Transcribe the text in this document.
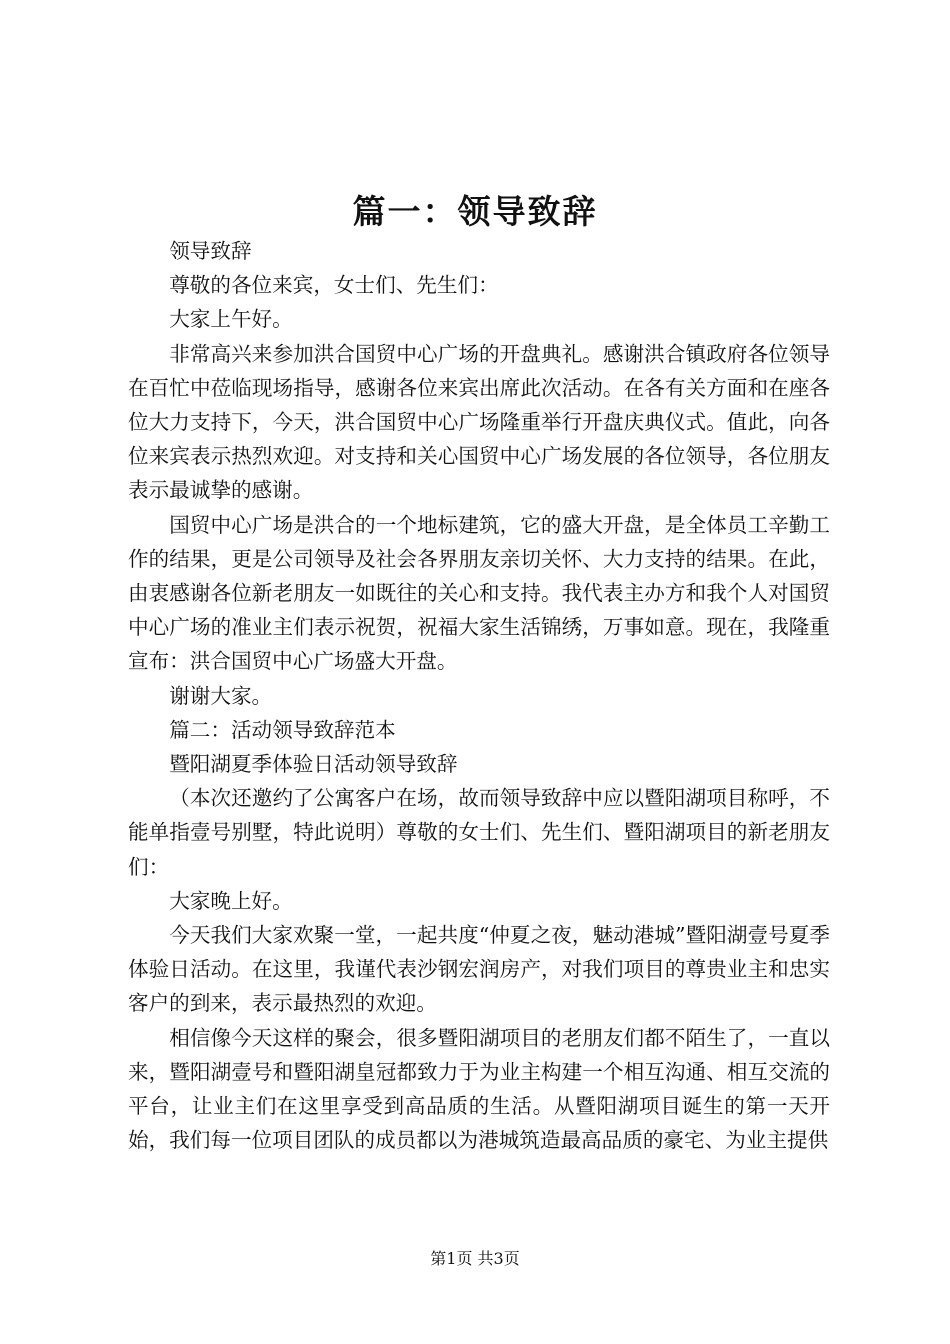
篇一：领导致辞

领导致辞

尊敬的各位来宾，女士们、先生们：

大家上午好。

非常高兴来参加洪合国贸中心广场的开盘典礼。感谢洪合镇政府各位领导在百忙中莅临现场指导，感谢各位来宾出席此次活动。在各有关方面和在座各位大力支持下，今天，洪合国贸中心广场隆重举行开盘庆典仪式。值此，向各位来宾表示热烈欢迎。对支持和关心国贸中心广场发展的各位领导，各位朋友表示最诚挚的感谢。

国贸中心广场是洪合的一个地标建筑，它的盛大开盘，是全体员工辛勤工作的结果，更是公司领导及社会各界朋友亲切关怀、大力支持的结果。在此，由衷感谢各位新老朋友一如既往的关心和支持。我代表主办方和我个人对国贸中心广场的准业主们表示祝贺，祝福大家生活锦绣，万事如意。现在，我隆重宣布：洪合国贸中心广场盛大开盘。

谢谢大家。

篇二：活动领导致辞范本

暨阳湖夏季体验日活动领导致辞

（本次还邀约了公寓客户在场，故而领导致辞中应以暨阳湖项目称呼，不能单指壹号别墅，特此说明）尊敬的女士们、先生们、暨阳湖项目的新老朋友们：

大家晚上好。

今天我们大家欢聚一堂，一起共度“仲夏之夜，魅动港城”暨阳湖壹号夏季体验日活动。在这里，我谨代表沙钢宏润房产，对我们项目的尊贵业主和忠实客户的到来，表示最热烈的欢迎。

相信像今天这样的聚会，很多暨阳湖项目的老朋友们都不陌生了，一直以来，暨阳湖壹号和暨阳湖皇冠都致力于为业主构建一个相互沟通、相互交流的平台，让业主们在这里享受到高品质的生活。从暨阳湖项目诞生的第一天开始，我们每一位项目团队的成员都以为港城筑造最高品质的豪宅、为业主提供

第1页 共3页
